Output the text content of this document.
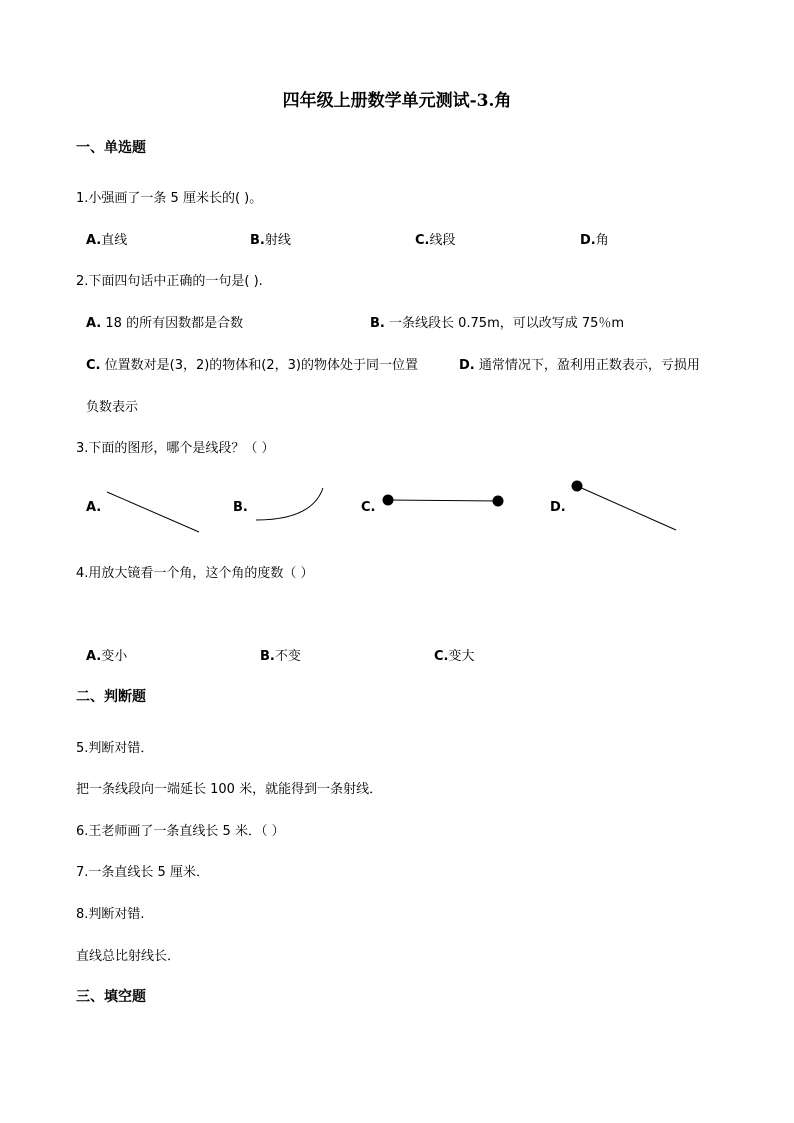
四年级上册数学单元测试-3.角
一、单选题
1.小强画了一条 5 厘米长的( )。
A.直线	B.射线	C.线段	D.角
2.下面四句话中正确的一句是( ).
A. 18 的所有因数都是合数	B. 一条线段长 0.75m，可以改写成 75％m
C. 位置数对是(3，2)的物体和(2，3)的物体处于同一位置	D. 通常情况下，盈利用正数表示，亏损用
负数表示
3.下面的图形，哪个是线段？（ ）
A.	B.	C.	D.
4.用放大镜看一个角，这个角的度数（ ）
A.变小	B.不变	C.变大
二、判断题
5.判断对错．
把一条线段向一端延长 100 米，就能得到一条射线．
6.王老师画了一条直线长 5 米．（ ）
7.一条直线长 5 厘米．
8.判断对错.
直线总比射线长．
三、填空题
